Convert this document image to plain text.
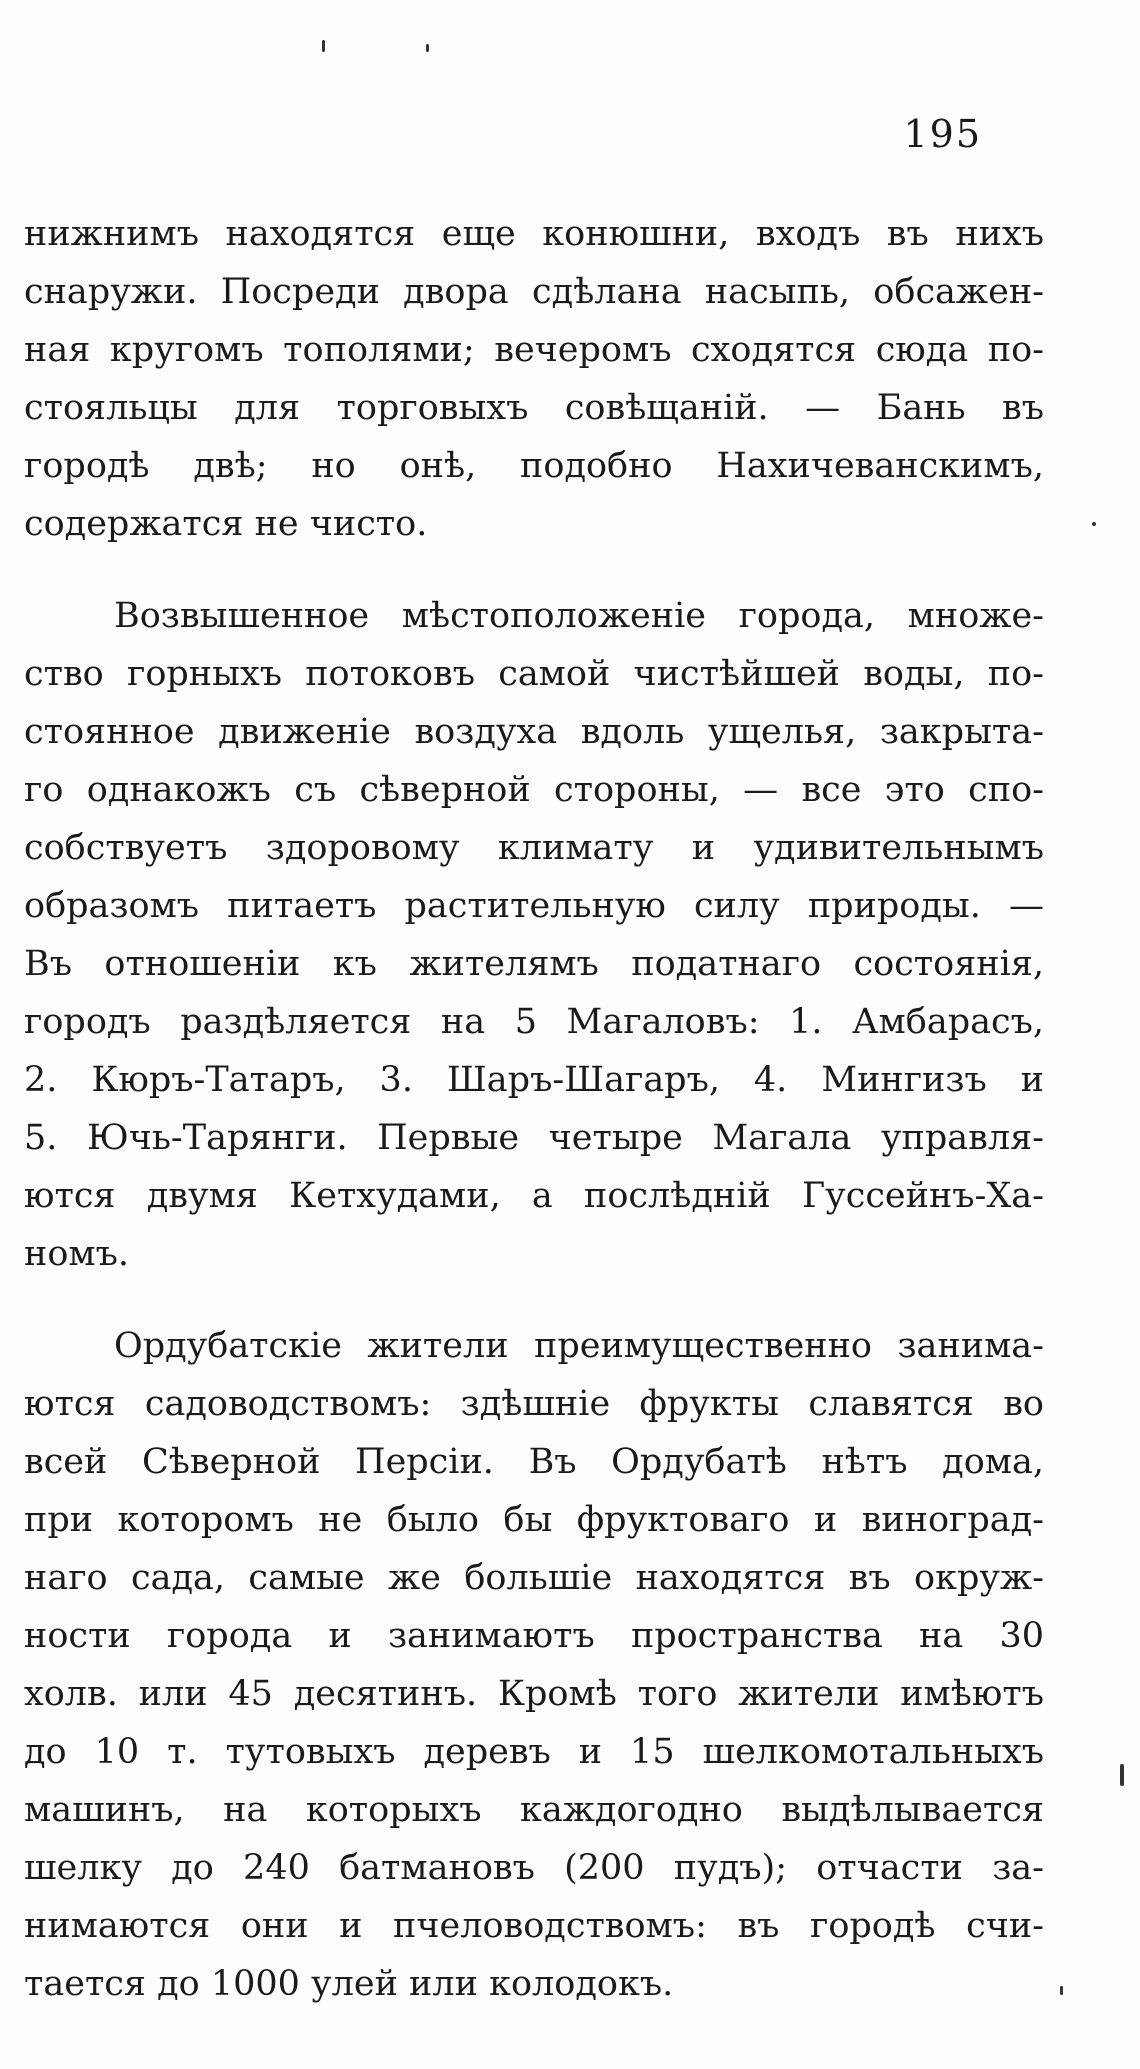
195

нижнимъ находятся еще конюшни, входъ въ нихъ
снаружи. Посреди двора сдѣлана насыпь, обсажен-
ная кругомъ тополями; вечеромъ сходятся сюда по-
стояльцы для торговыхъ совѣщаній. — Бань въ
городѣ двѣ; но онѣ, подобно Нахичеванскимъ,
содержатся не чисто.

Возвышенное мѣстоположеніе города, множе-
ство горныхъ потоковъ самой чистѣйшей воды, по-
стоянное движеніе воздуха вдоль ущелья, закрыта-
го однакожъ съ сѣверной стороны, — все это спо-
собствуетъ здоровому климату и удивительнымъ
образомъ питаетъ растительную силу природы. —
Въ отношеніи къ жителямъ податнаго состоянія,
городъ раздѣляется на 5 Магаловъ: 1. Амбарасъ,
2. Кюръ-Татаръ, 3. Шаръ-Шагаръ, 4. Мингизъ и
5. Ючь-Тарянги. Первые четыре Магала управля-
ются двумя Кетхудами, а послѣдній Гуссейнъ-Ха-
номъ.

Ордубатскіе жители преимущественно занима-
ются садоводствомъ: здѣшніе фрукты славятся во
всей Сѣверной Персіи. Въ Ордубатѣ нѣтъ дома,
при которомъ не было бы фруктоваго и виноград-
наго сада, самые же большіе находятся въ окруж-
ности города и занимаютъ пространства на 30
холв. или 45 десятинъ. Кромѣ того жители имѣютъ
до 10 т. тутовыхъ деревъ и 15 шелкомотальныхъ
машинъ, на которыхъ каждогодно выдѣлывается
шелку до 240 батмановъ (200 пудъ); отчасти за-
нимаются они и пчеловодствомъ: въ городѣ счи-
тается до 1000 улей или колодокъ.
